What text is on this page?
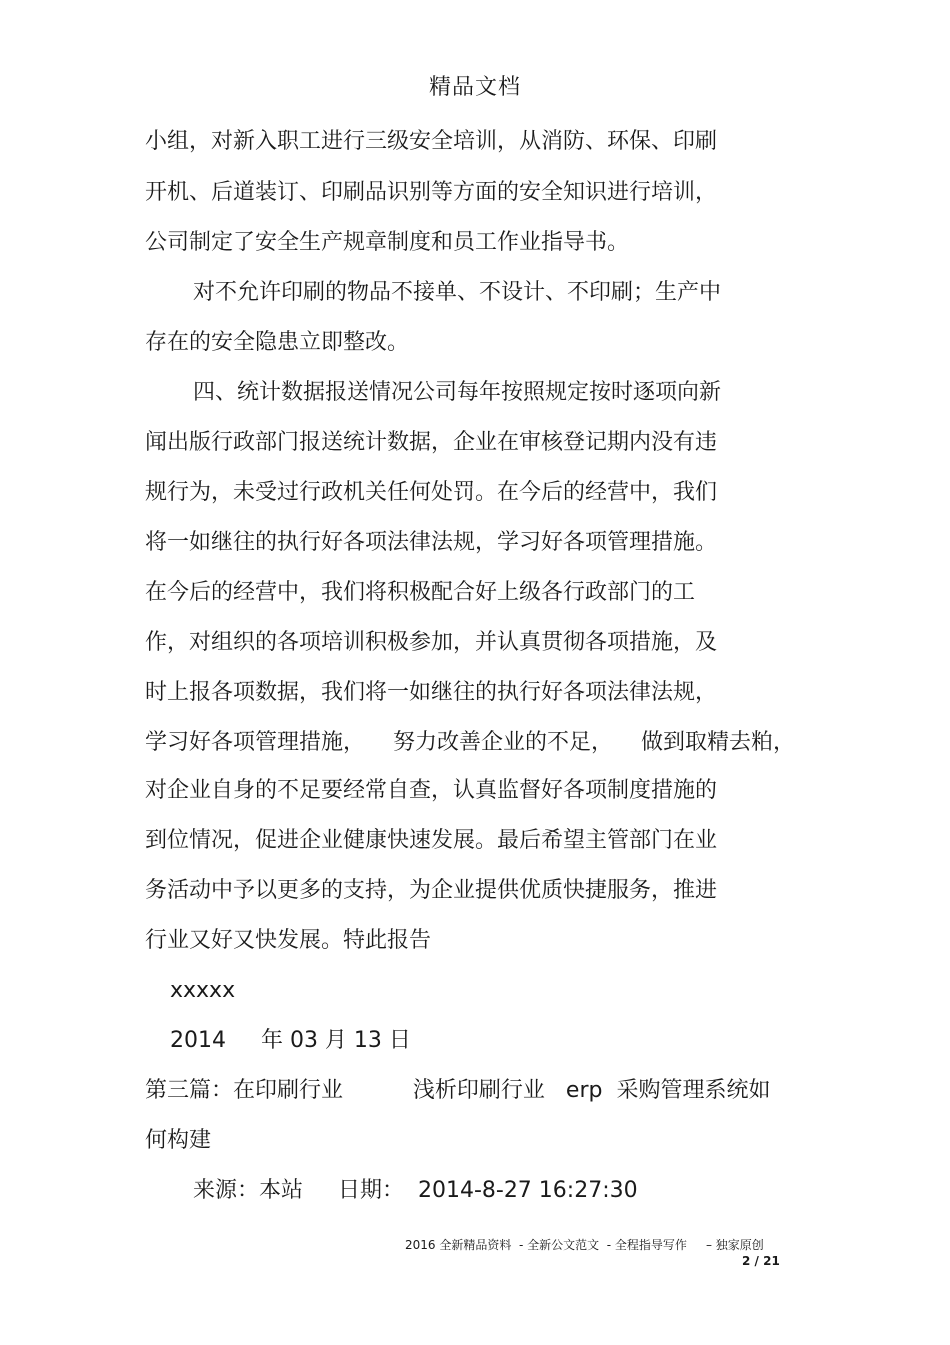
精品文档
小组，对新入职工进行三级安全培训，从消防、环保、印刷
开机、后道装订、印刷品识别等方面的安全知识进行培训，
公司制定了安全生产规章制度和员工作业指导书。
对不允许印刷的物品不接单、不设计、不印刷；生产中
存在的安全隐患立即整改。
四、统计数据报送情况公司每年按照规定按时逐项向新
闻出版行政部门报送统计数据，企业在审核登记期内没有违
规行为，未受过行政机关任何处罚。在今后的经营中，我们
将一如继往的执行好各项法律法规，学习好各项管理措施。
在今后的经营中，我们将积极配合好上级各行政部门的工
作，对组织的各项培训积极参加，并认真贯彻各项措施，及
时上报各项数据，我们将一如继往的执行好各项法律法规，
学习好各项管理措施，    努力改善企业的不足，    做到取精去粕，
对企业自身的不足要经常自查，认真监督好各项制度措施的
到位情况，促进企业健康快速发展。最后希望主管部门在业
务活动中予以更多的支持，为企业提供优质快捷服务，推进
行业又好又快发展。特此报告
xxxxx
2014     年 03 月 13 日
第三篇：在印刷行业          浅析印刷行业   erp  采购管理系统如
何构建
来源：本站     日期：  2014-8-27 16:27:30
2016 全新精品资料  - 全新公文范文  - 全程指导写作     – 独家原创
2 / 21
